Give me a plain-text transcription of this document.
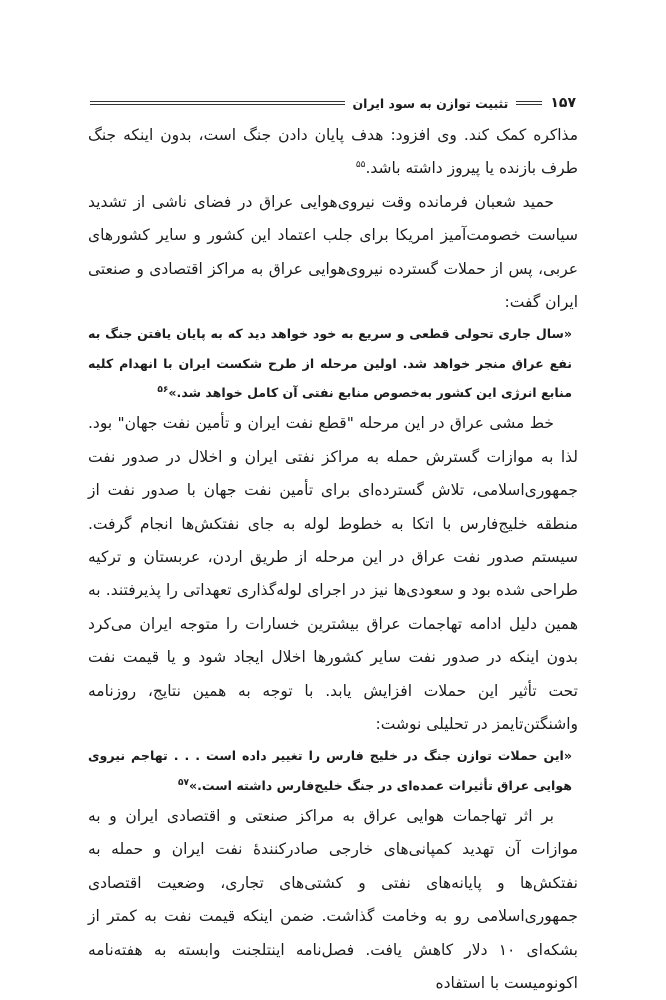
۱۵۷
تثبیت توازن به سود ایران

مذاکره کمک کند. وی افزود: هدف پایان دادن جنگ است، بدون اینکه جنگ طرف بازنده یا پیروز داشته باشد.$^{۵۵}$

حمید شعبان فرمانده وقت نیروی‌هوایی عراق در فضای ناشی از تشدید سیاست خصومت‌آمیز امریکا برای جلب اعتماد این کشور و سایر کشورهای عربی، پس از حملات گسترده نیروی‌هوایی عراق به مراکز اقتصادی و صنعتی ایران گفت:

«سال جاری تحولی قطعی و سریع به خود خواهد دید که به پایان یافتن جنگ به نفع عراق منجر خواهد شد. اولین مرحله از طرح شکست ایران با انهدام کلیه منابع انرژی این کشور به‌خصوص منابع نفتی آن کامل خواهد شد.»$^{۵۶}$

خط مشی عراق در این مرحله "قطع نفت ایران و تأمین نفت جهان" بود. لذا به موازات گسترش حمله به مراکز نفتی ایران و اخلال در صدور نفت جمهوری‌اسلامی، تلاش گسترده‌ای برای تأمین نفت جهان با صدور نفت از منطقه خلیج‌فارس با اتکا به خطوط لوله به جای نفتکش‌ها انجام گرفت. سیستم صدور نفت عراق در این مرحله از طریق اردن، عربستان و ترکیه طراحی شده بود و سعودی‌ها نیز در اجرای لوله‌گذاری تعهداتی را پذیرفتند. به همین دلیل ادامه تهاجمات عراق بیشترین خسارات را متوجه ایران می‌کرد بدون اینکه در صدور نفت سایر کشورها اخلال ایجاد شود و یا قیمت نفت تحت تأثیر این حملات افزایش یابد. با توجه به همین نتایج، روزنامه واشنگتن‌تایمز در تحلیلی نوشت:

«این حملات توازن جنگ در خلیج فارس را تغییر داده است . . . تهاجم نیروی هوایی عراق تأثیرات عمده‌ای در جنگ خلیج‌فارس داشته است.»$^{۵۷}$

بر اثر تهاجمات هوایی عراق به مراکز صنعتی و اقتصادی ایران و به موازات آن تهدید کمپانی‌های خارجی صادرکنندهٔ نفت ایران و حمله به نفتکش‌ها و پایانه‌های نفتی و کشتی‌های تجاری، وضعیت اقتصادی جمهوری‌اسلامی رو به وخامت گذاشت. ضمن اینکه قیمت نفت به کمتر از بشکه‌ای ۱۰ دلار کاهش یافت. فصل‌نامه اینتلجنت وابسته به هفته‌نامه اکونومیست با استفاده
